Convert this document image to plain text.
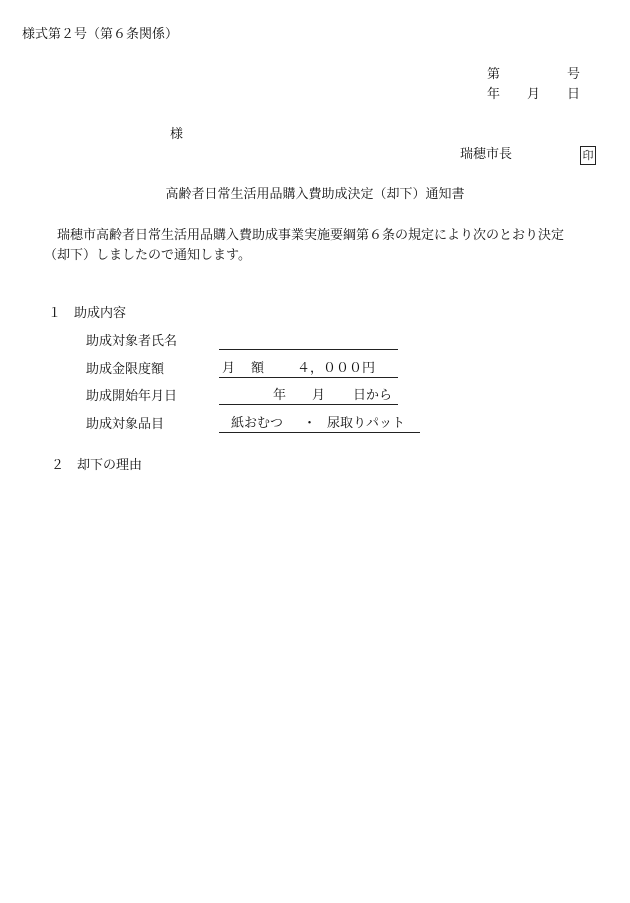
様式第２号（第６条関係）
第	号
年 月 日
様
瑞穂市長	印
高齢者日常生活用品購入費助成決定（却下）通知書
瑞穂市高齢者日常生活用品購入費助成事業実施要綱第６条の規定により次のとおり決定（却下）しましたので通知します。
１　助成内容
助成対象者氏名
助成金限度額	月 額	４，０００円
助成開始年月日	年 月 日から
助成対象品目	紙おむつ ・ 尿取りパット
２　却下の理由
